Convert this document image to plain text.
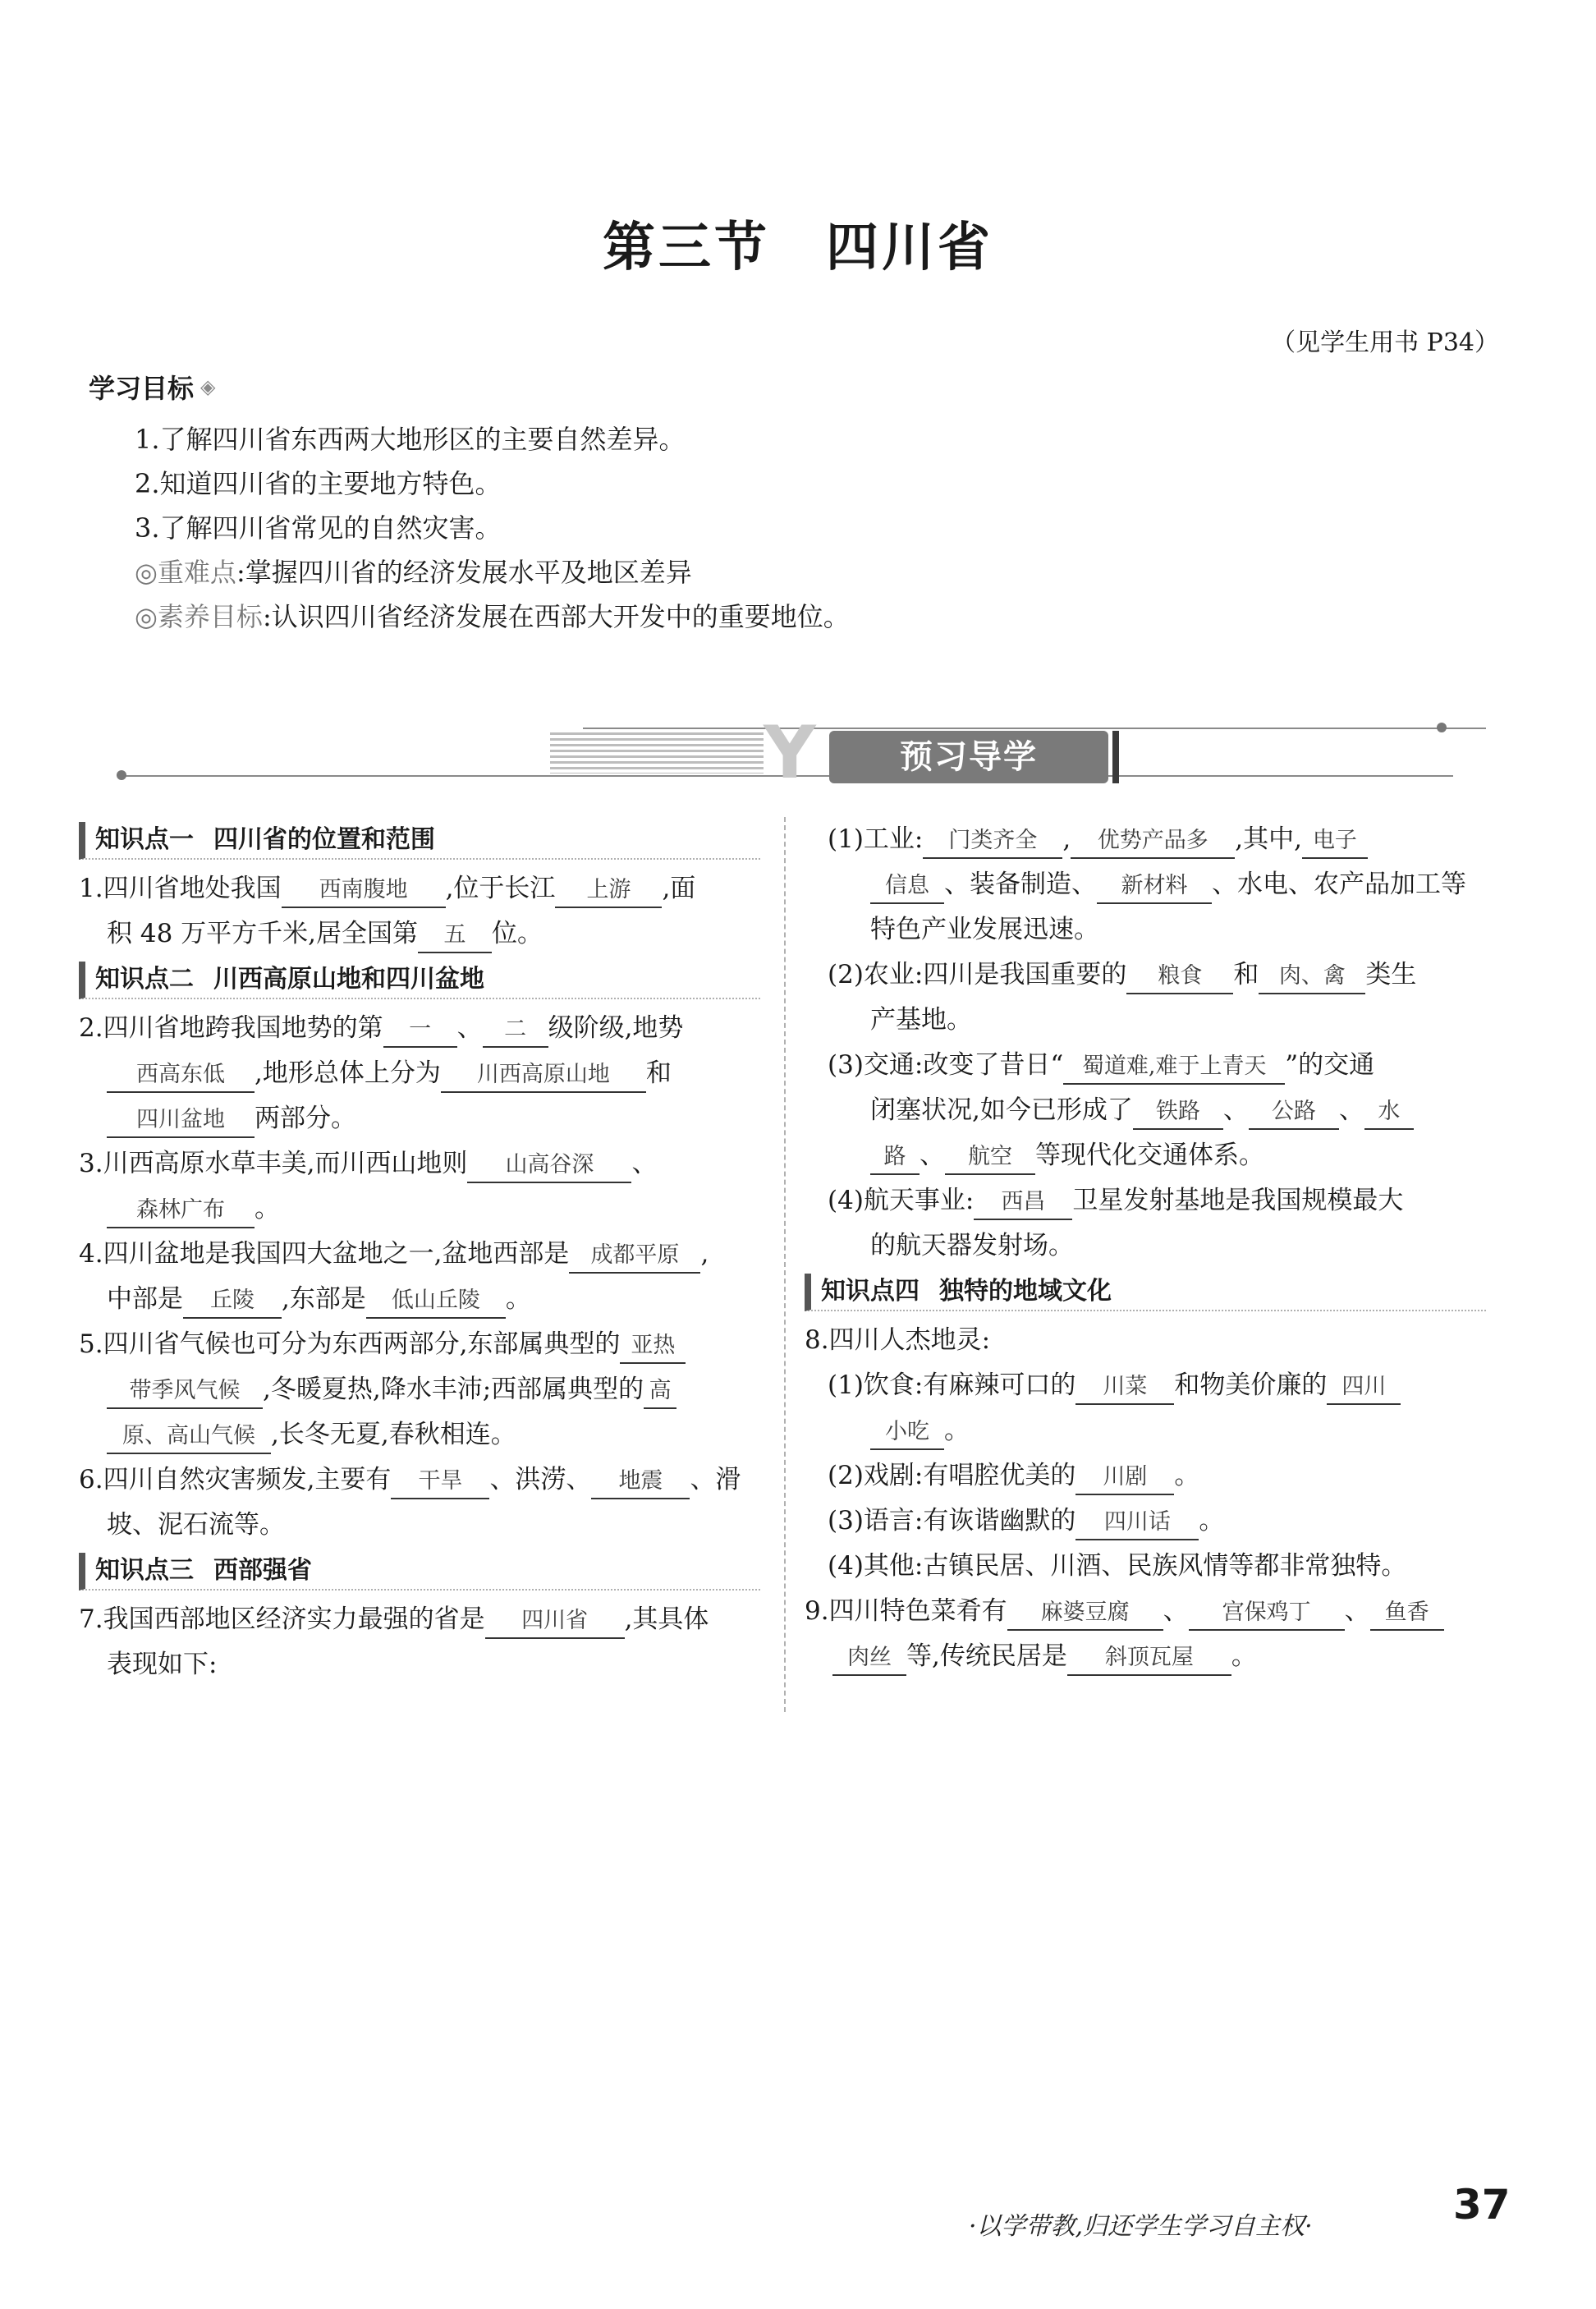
第三节　四川省
（见学生用书 P34）
学习目标 ◈
1.了解四川省东西两大地形区的主要自然差异。
2.知道四川省的主要地方特色。
3.了解四川省常见的自然灾害。
◎重难点:掌握四川省的经济发展水平及地区差异
◎素养目标:认识四川省经济发展在西部大开发中的重要地位。
Y	预习导学
知识点一 四川省的位置和范围
1.四川省地处我国 西南腹地 ,位于长江 上游 ,面
积 48 万平方千米,居全国第 五 位。
知识点二 川西高原山地和四川盆地
2.四川省地跨我国地势的第 一 、 二 级阶级,地势
西高东低 ,地形总体上分为 川西高原山地 和
四川盆地 两部分。
3.川西高原水草丰美,而川西山地则 山高谷深 、
森林广布 。
4.四川盆地是我国四大盆地之一,盆地西部是 成都平原 ,
中部是 丘陵 ,东部是 低山丘陵 。
5.四川省气候也可分为东西两部分,东部属典型的 亚热
带季风气候 ,冬暖夏热,降水丰沛;西部属典型的 高
原、高山气候 ,长冬无夏,春秋相连。
6.四川自然灾害频发,主要有 干旱 、洪涝、 地震 、滑
坡、泥石流等。
知识点三 西部强省
7.我国西部地区经济实力最强的省是 四川省 ,其具体
表现如下:
(1)工业: 门类齐全 , 优势产品多 ,其中, 电子
信息 、装备制造、 新材料 、水电、农产品加工等
特色产业发展迅速。
(2)农业:四川是我国重要的 粮食 和 肉、禽 类生
产基地。
(3)交通:改变了昔日“ 蜀道难,难于上青天 ”的交通
闭塞状况,如今已形成了 铁路 、 公路 、 水
路 、 航空 等现代化交通体系。
(4)航天事业: 西昌 卫星发射基地是我国规模最大
的航天器发射场。
知识点四 独特的地域文化
8.四川人杰地灵:
(1)饮食:有麻辣可口的 川菜 和物美价廉的 四川
小吃 。
(2)戏剧:有唱腔优美的 川剧 。
(3)语言:有诙谐幽默的 四川话 。
(4)其他:古镇民居、川酒、民族风情等都非常独特。
9.四川特色菜肴有 麻婆豆腐 、 宫保鸡丁 、 鱼香
肉丝 等,传统民居是 斜顶瓦屋 。
·以学带教,归还学生学习自主权·	37
